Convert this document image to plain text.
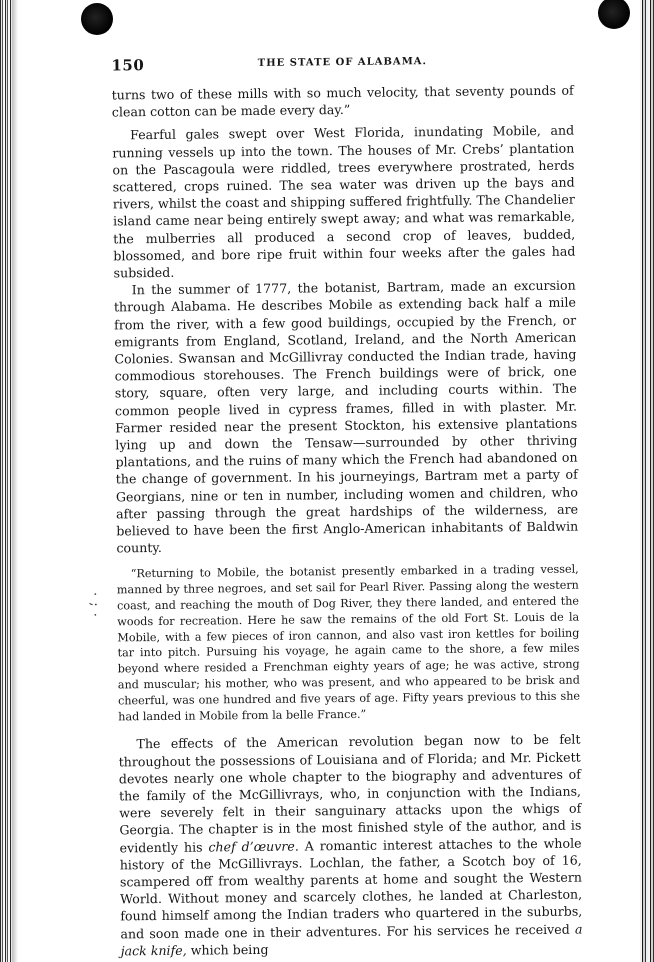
· ; ·
150	THE STATE OF ALABAMA.

turns two of these mills with so much velocity, that seventy pounds of clean cotton can be made every day.”

Fearful gales swept over West Florida, inundating Mobile, and running vessels up into the town. The houses of Mr. Crebs’ plantation on the Pascagoula were riddled, trees everywhere prostrated, herds scattered, crops ruined. The sea water was driven up the bays and rivers, whilst the coast and shipping suffered frightfully. The Chandelier island came near being entirely swept away; and what was remarkable, the mulberries all produced a second crop of leaves, budded, blossomed, and bore ripe fruit within four weeks after the gales had subsided.

In the summer of 1777, the botanist, Bartram, made an excursion through Alabama. He describes Mobile as extending back half a mile from the river, with a few good buildings, occupied by the French, or emigrants from England, Scotland, Ireland, and the North American Colonies. Swansan and McGillivray conducted the Indian trade, having commodious storehouses. The French buildings were of brick, one story, square, often very large, and including courts within. The common people lived in cypress frames, filled in with plaster. Mr. Farmer resided near the present Stockton, his extensive plantations lying up and down the Tensaw—surrounded by other thriving plantations, and the ruins of many which the French had abandoned on the change of government. In his journeyings, Bartram met a party of Georgians, nine or ten in number, including women and children, who after passing through the great hardships of the wilderness, are believed to have been the first Anglo-American inhabitants of Baldwin county.

“Returning to Mobile, the botanist presently embarked in a trading vessel, manned by three negroes, and set sail for Pearl River. Passing along the western coast, and reaching the mouth of Dog River, they there landed, and entered the woods for recreation. Here he saw the remains of the old Fort St. Louis de la Mobile, with a few pieces of iron cannon, and also vast iron kettles for boiling tar into pitch. Pursuing his voyage, he again came to the shore, a few miles beyond where resided a Frenchman eighty years of age; he was active, strong and muscular; his mother, who was present, and who appeared to be brisk and cheerful, was one hundred and five years of age. Fifty years previous to this she had landed in Mobile from la belle France.”

The effects of the American revolution began now to be felt throughout the possessions of Louisiana and of Florida; and Mr. Pickett devotes nearly one whole chapter to the biography and adventures of the family of the McGillivrays, who, in conjunction with the Indians, were severely felt in their sanguinary attacks upon the whigs of Georgia. The chapter is in the most finished style of the author, and is evidently his chef d’œuvre. A romantic interest attaches to the whole history of the McGillivrays. Lochlan, the father, a Scotch boy of 16, scampered off from wealthy parents at home and sought the Western World. Without money and scarcely clothes, he landed at Charleston, found himself among the Indian traders who quartered in the suburbs, and soon made one in their adventures. For his services he received a jack knife, which being
